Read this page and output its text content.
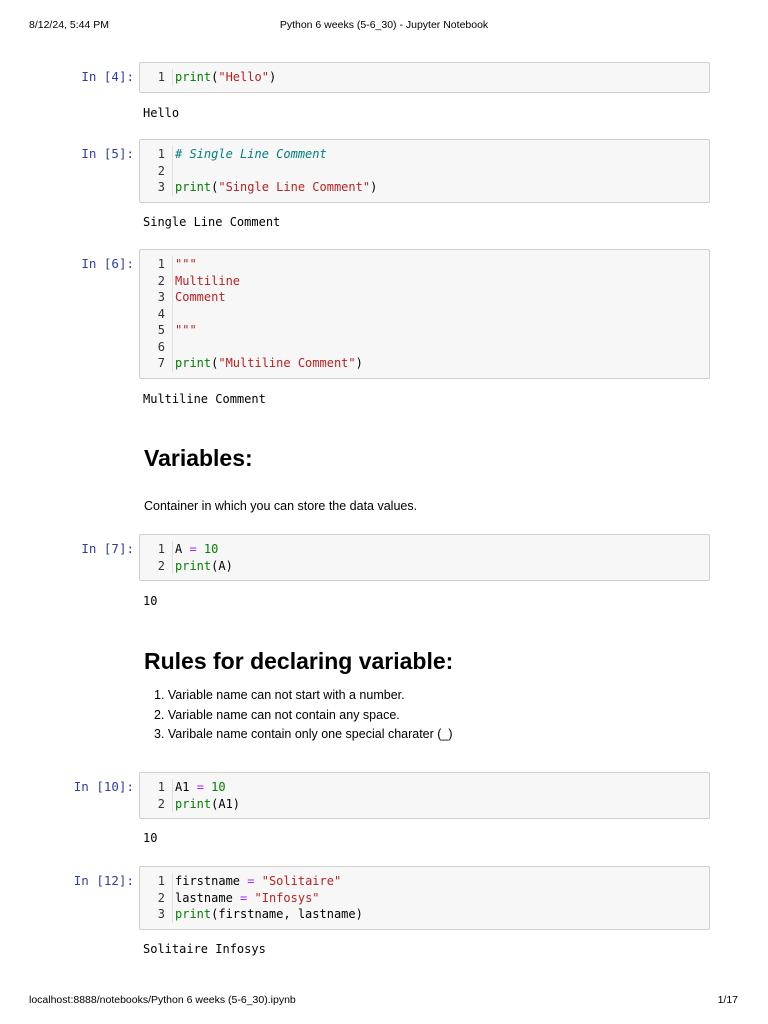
8/12/24, 5:44 PM	Python 6 weeks (5-6_30) - Jupyter Notebook
Variables:
Container in which you can store the data values.
Rules for declaring variable:
1. Variable name can not start with a number.
2. Variable name can not contain any space.
3. Varibale name contain only one special charater (_)
localhost:8888/notebooks/Python 6 weeks (5-6_30).ipynb	1/17
In [4]:	1 print("Hello")
Hello
In [5]:	1 # Single Line Comment
2
3 print("Single Line Comment")
Single Line Comment
In [6]:	1 """
2 Multiline
3 Comment
4
5 """
6
7 print("Multiline Comment")
Multiline Comment
In [7]:	1 A = 10
2 print(A)
10
In [10]:	1 A1 = 10
2 print(A1)
10
In [12]:	1 firstname = "Solitaire"
2 lastname = "Infosys"
3 print(firstname, lastname)
Solitaire Infosys
